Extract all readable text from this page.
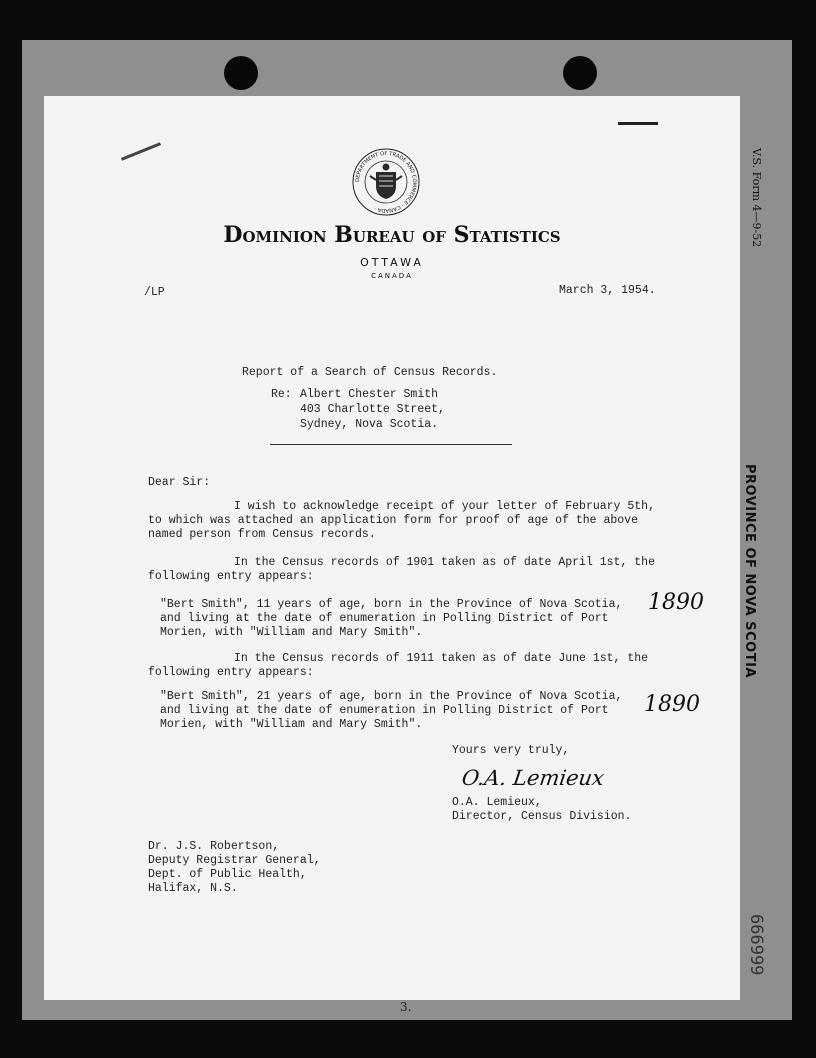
V.S. Form 4—9-52
PROVINCE OF NOVA SCOTIA
666999
DEPARTMENT OF TRADE AND COMMERCE · CANADA ·
Dominion Bureau of Statistics
OTTAWA
CANADA
/LP	March 3, 1954.
Report of a Search of Census Records.
Re: Albert Chester Smith
403 Charlotte Street,
Sydney, Nova Scotia.
Dear Sir:
I wish to acknowledge receipt of your letter of February 5th,
to which was attached an application form for proof of age of the above
named person from Census records.
In the Census records of 1901 taken as of date April 1st, the
following entry appears:
"Bert Smith", 11 years of age, born in the Province of Nova Scotia,
and living at the date of enumeration in Polling District of Port
Morien, with "William and Mary Smith".
1890
In the Census records of 1911 taken as of date June 1st, the
following entry appears:
"Bert Smith", 21 years of age, born in the Province of Nova Scotia,
and living at the date of enumeration in Polling District of Port
Morien, with "William and Mary Smith".
1890
Yours very truly,
O.A. Lemieux
O.A. Lemieux,
Director, Census Division.
Dr. J.S. Robertson,
Deputy Registrar General,
Dept. of Public Health,
Halifax, N.S.
3.
